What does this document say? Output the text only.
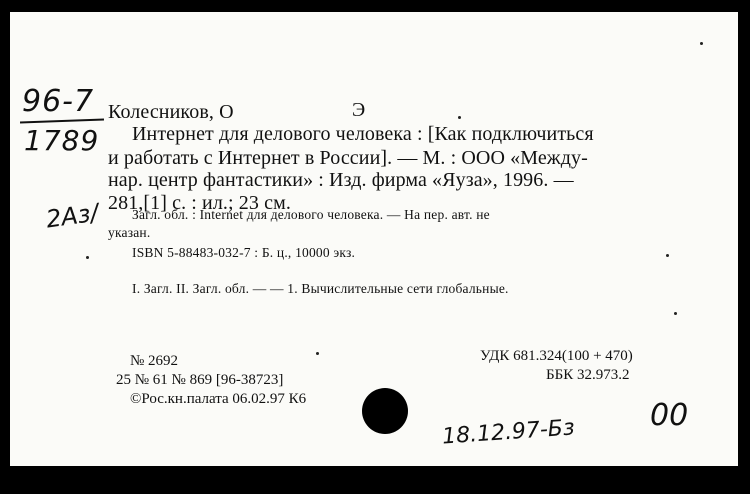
96-7
1789
2Аз/
Колесников, О	Э
Интернет для делового человека : [Как подключиться
и работать с Интернет в России]. — М. : ООО «Между-
нар. центр фантастики» : Изд. фирма «Яуза», 1996. —
281,[1] с. : ил.; 23 см.
Загл. обл. : Internet для делового человека. — На пер. авт. не
указан.
ISBN 5-88483-032-7 : Б. ц., 10000 экз.
I. Загл. II. Загл. обл. — — 1. Вычислительные сети глобальные.
№ 2692
25 № 61 № 869 [96-38723]
©Рос.кн.палата 06.02.97 К6
УДК 681.324(100 + 470)
ББК 32.973.2
18.12.97-Бз 00
